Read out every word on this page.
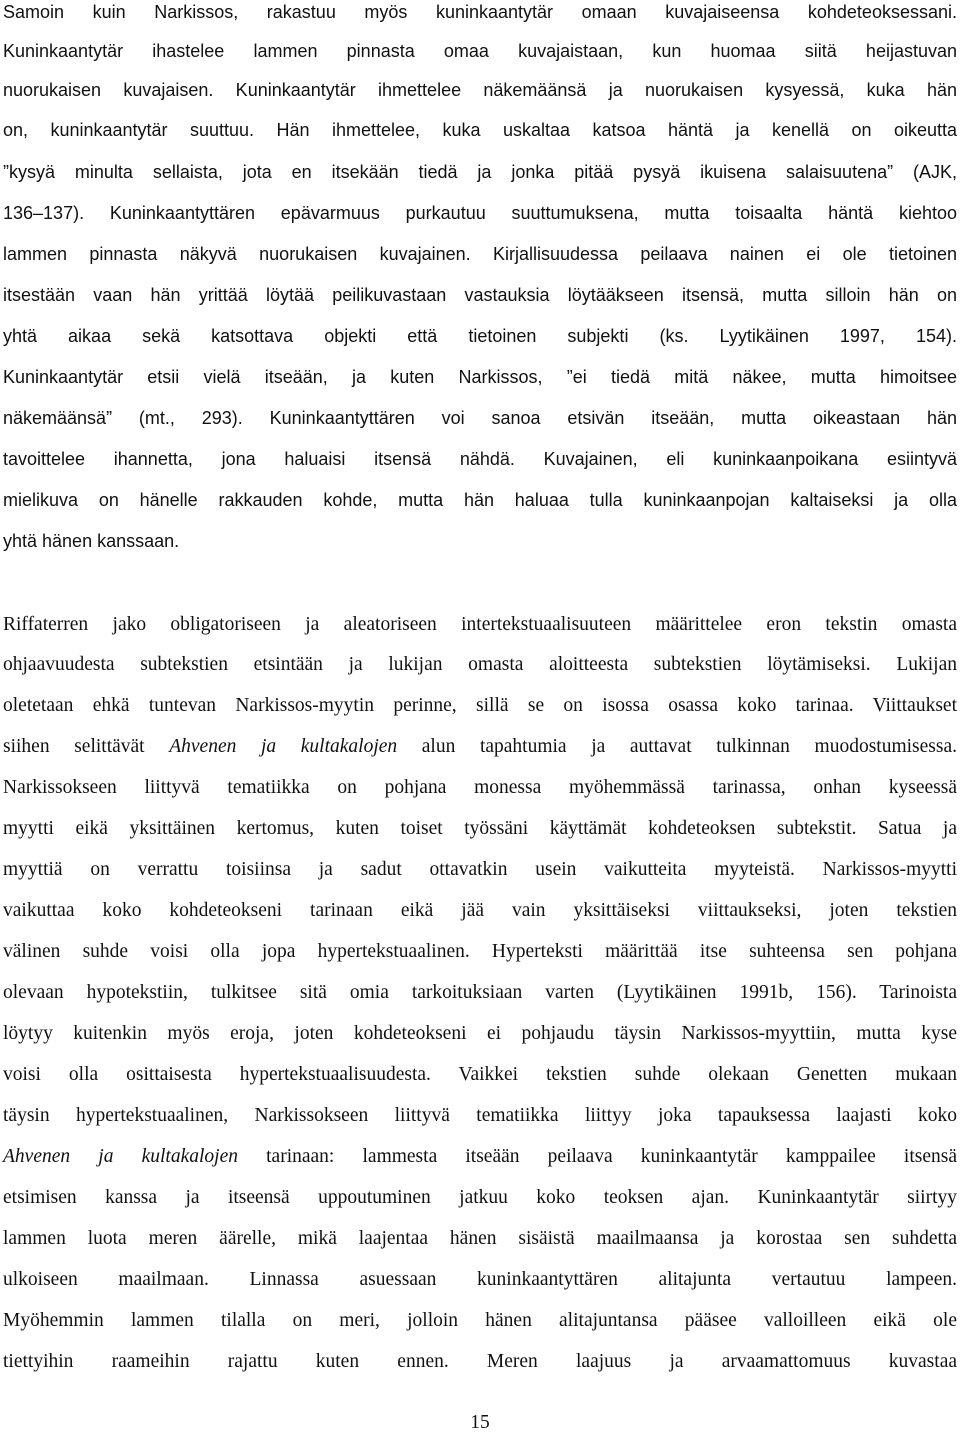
Samoin kuin Narkissos, rakastuu myös kuninkaantytär omaan kuvajaiseensa kohdeteoksessani.
Kuninkaantytär ihastelee lammen pinnasta omaa kuvajaistaan, kun huomaa siitä heijastuvan
nuorukaisen kuvajaisen. Kuninkaantytär ihmettelee näkemäänsä ja nuorukaisen kysyessä, kuka hän
on, kuninkaantytär suuttuu. Hän ihmettelee, kuka uskaltaa katsoa häntä ja kenellä on oikeutta
”kysyä minulta sellaista, jota en itsekään tiedä ja jonka pitää pysyä ikuisena salaisuutena” (AJK,
136–137). Kuninkaantyttären epävarmuus purkautuu suuttumuksena, mutta toisaalta häntä kiehtoo
lammen pinnasta näkyvä nuorukaisen kuvajainen. Kirjallisuudessa peilaava nainen ei ole tietoinen
itsestään vaan hän yrittää löytää peilikuvastaan vastauksia löytääkseen itsensä, mutta silloin hän on
yhtä aikaa sekä katsottava objekti että tietoinen subjekti (ks. Lyytikäinen 1997, 154).
Kuninkaantytär etsii vielä itseään, ja kuten Narkissos, ”ei tiedä mitä näkee, mutta himoitsee
näkemäänsä” (mt., 293). Kuninkaantyttären voi sanoa etsivän itseään, mutta oikeastaan hän
tavoittelee ihannetta, jona haluaisi itsensä nähdä. Kuvajainen, eli kuninkaanpoikana esiintyvä
mielikuva on hänelle rakkauden kohde, mutta hän haluaa tulla kuninkaanpojan kaltaiseksi ja olla
yhtä hänen kanssaan.
Riffaterren jako obligatoriseen ja aleatoriseen intertekstuaalisuuteen määrittelee eron tekstin omasta
ohjaavuudesta subtekstien etsintään ja lukijan omasta aloitteesta subtekstien löytämiseksi. Lukijan
oletetaan ehkä tuntevan Narkissos-myytin perinne, sillä se on isossa osassa koko tarinaa. Viittaukset
siihen selittävät Ahvenen ja kultakalojen alun tapahtumia ja auttavat tulkinnan muodostumisessa.
Narkissokseen liittyvä tematiikka on pohjana monessa myöhemmässä tarinassa, onhan kyseessä
myytti eikä yksittäinen kertomus, kuten toiset työssäni käyttämät kohdeteoksen subtekstit. Satua ja
myyttiä on verrattu toisiinsa ja sadut ottavatkin usein vaikutteita myyteistä. Narkissos-myytti
vaikuttaa koko kohdeteokseni tarinaan eikä jää vain yksittäiseksi viittaukseksi, joten tekstien
välinen suhde voisi olla jopa hypertekstuaalinen. Hyperteksti määrittää itse suhteensa sen pohjana
olevaan hypotekstiin, tulkitsee sitä omia tarkoituksiaan varten (Lyytikäinen 1991b, 156). Tarinoista
löytyy kuitenkin myös eroja, joten kohdeteokseni ei pohjaudu täysin Narkissos-myyttiin, mutta kyse
voisi olla osittaisesta hypertekstuaalisuudesta. Vaikkei tekstien suhde olekaan Genetten mukaan
täysin hypertekstuaalinen, Narkissokseen liittyvä tematiikka liittyy joka tapauksessa laajasti koko
Ahvenen ja kultakalojen tarinaan: lammesta itseään peilaava kuninkaantytär kamppailee itsensä
etsimisen kanssa ja itseensä uppoutuminen jatkuu koko teoksen ajan. Kuninkaantytär siirtyy
lammen luota meren äärelle, mikä laajentaa hänen sisäistä maailmaansa ja korostaa sen suhdetta
ulkoiseen maailmaan. Linnassa asuessaan kuninkaantyttären alitajunta vertautuu lampeen.
Myöhemmin lammen tilalla on meri, jolloin hänen alitajuntansa pääsee valloilleen eikä ole
tiettyihin raameihin rajattu kuten ennen. Meren laajuus ja arvaamattomuus kuvastaa
15
